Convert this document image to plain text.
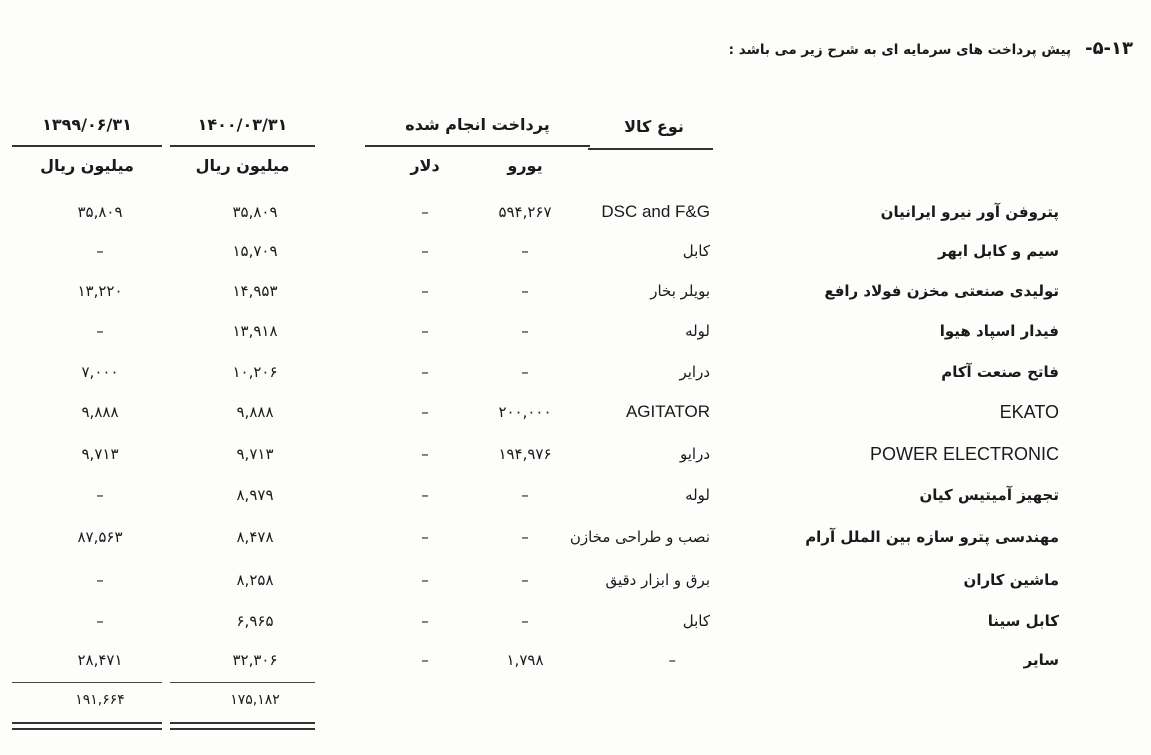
۵-۱۳-
پیش پرداخت های سرمایه ای به شرح زیر می باشد :
نوع کالا
پرداخت انجام شده
۱۴۰۰/۰۳/۳۱
۱۳۹۹/۰۶/۳۱
یورو
دلار
میلیون ریال
میلیون ریال
پتروفن آور نیرو ایرانیان
DSC and F&G
۵۹۴,۲۶۷
–
۳۵,۸۰۹
۳۵,۸۰۹
سیم و کابل ابهر
کابل
–
–
۱۵,۷۰۹
–
تولیدی صنعتی مخزن فولاد رافع
بویلر بخار
–
–
۱۴,۹۵۳
۱۳,۲۲۰
فیدار اسپاد هیوا
لوله
–
–
۱۳,۹۱۸
–
فاتح صنعت آکام
درایر
–
–
۱۰,۲۰۶
۷,۰۰۰
EKATO
AGITATOR
۲۰۰,۰۰۰
–
۹,۸۸۸
۹,۸۸۸
POWER ELECTRONIC
درایو
۱۹۴,۹۷۶
–
۹,۷۱۳
۹,۷۱۳
تجهیز آمیتیس کیان
لوله
–
–
۸,۹۷۹
–
مهندسی پترو سازه بین الملل آرام
نصب و طراحی مخازن
–
–
۸,۴۷۸
۸۷,۵۶۳
ماشین کاران
برق و ابزار دقیق
–
–
۸,۲۵۸
–
کابل سینا
کابل
–
–
۶,۹۶۵
–
سایر
–
۱,۷۹۸
–
۳۲,۳۰۶
۲۸,۴۷۱
۱۷۵,۱۸۲
۱۹۱,۶۶۴
